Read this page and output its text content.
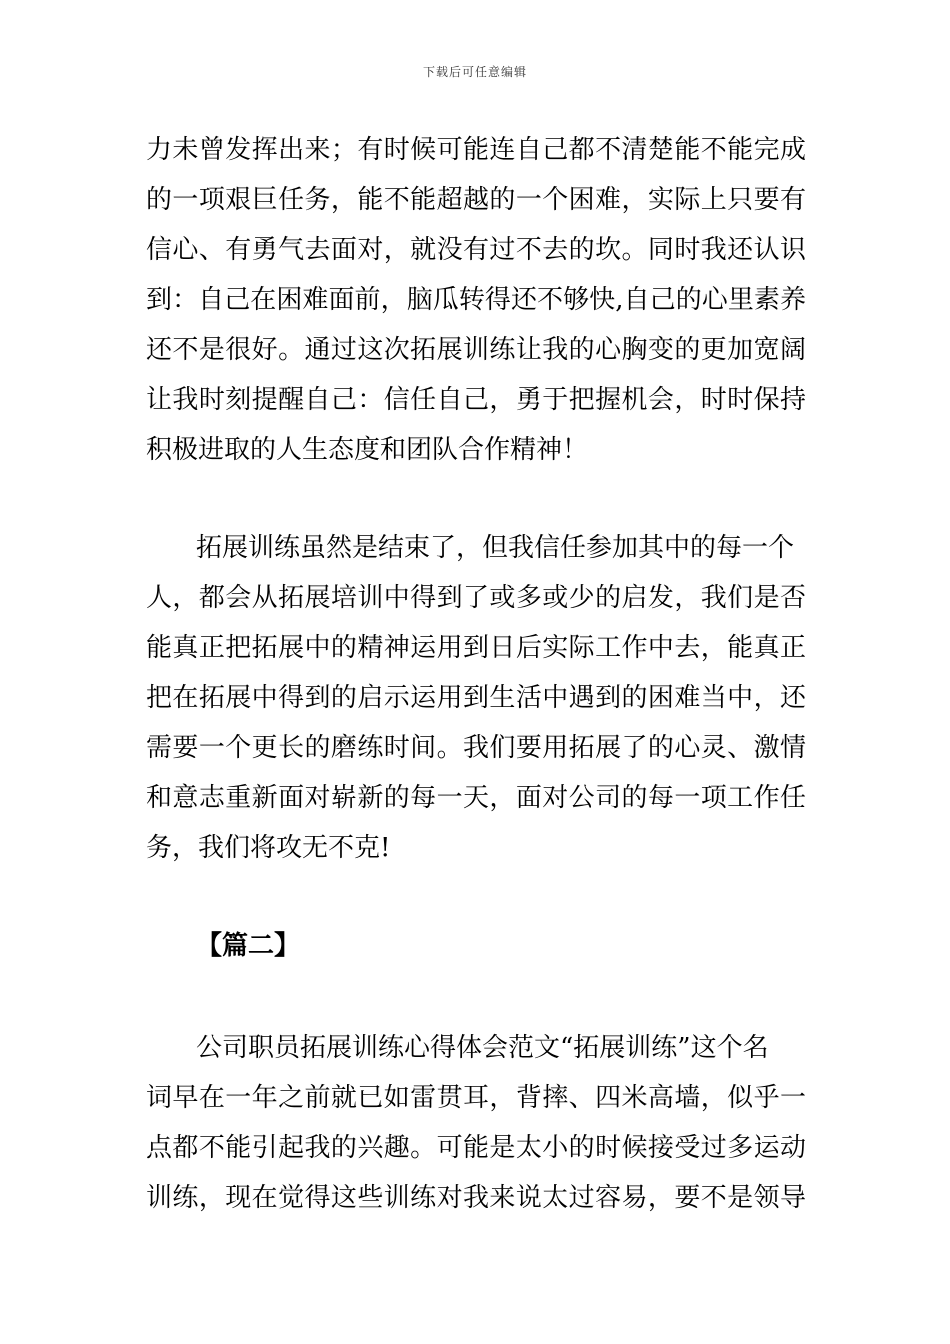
下载后可任意编辑
力未曾发挥出来；有时候可能连自己都不清楚能不能完成
的一项艰巨任务，能不能超越的一个困难，实际上只要有
信心、有勇气去面对，就没有过不去的坎。同时我还认识
到：自己在困难面前，脑瓜转得还不够快,自己的心里素养
还不是很好。通过这次拓展训练让我的心胸变的更加宽阔
让我时刻提醒自己：信任自己，勇于把握机会，时时保持
积极进取的人生态度和团队合作精神！
拓展训练虽然是结束了，但我信任参加其中的每一个
人，都会从拓展培训中得到了或多或少的启发，我们是否
能真正把拓展中的精神运用到日后实际工作中去，能真正
把在拓展中得到的启示运用到生活中遇到的困难当中，还
需要一个更长的磨练时间。我们要用拓展了的心灵、激情
和意志重新面对崭新的每一天，面对公司的每一项工作任
务，我们将攻无不克!
【篇二】
公司职员拓展训练心得体会范文“拓展训练”这个名
词早在一年之前就已如雷贯耳，背摔、四米高墙，似乎一
点都不能引起我的兴趣。可能是太小的时候接受过多运动
训练，现在觉得这些训练对我来说太过容易，要不是领导
